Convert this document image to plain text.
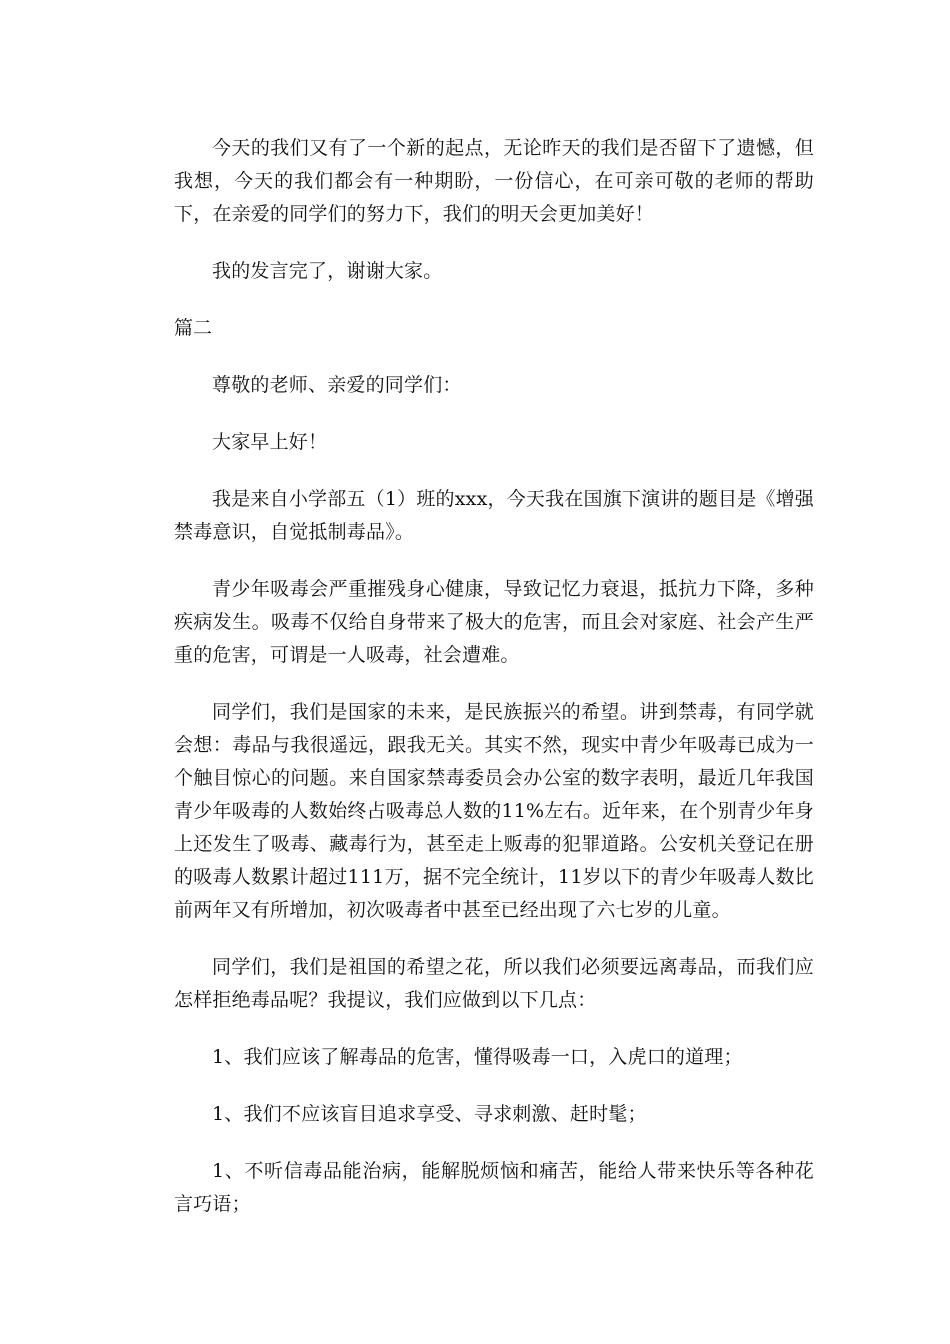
今天的我们又有了一个新的起点，无论昨天的我们是否留下了遗憾，但我想，今天的我们都会有一种期盼，一份信心，在可亲可敬的老师的帮助下，在亲爱的同学们的努力下，我们的明天会更加美好！

我的发言完了，谢谢大家。

篇二

尊敬的老师、亲爱的同学们：

大家早上好！

我是来自小学部五（1）班的xxx，今天我在国旗下演讲的题目是《增强禁毒意识，自觉抵制毒品》。

青少年吸毒会严重摧残身心健康，导致记忆力衰退，抵抗力下降，多种疾病发生。吸毒不仅给自身带来了极大的危害，而且会对家庭、社会产生严重的危害，可谓是一人吸毒，社会遭难。

同学们，我们是国家的未来，是民族振兴的希望。讲到禁毒，有同学就会想：毒品与我很遥远，跟我无关。其实不然，现实中青少年吸毒已成为一个触目惊心的问题。来自国家禁毒委员会办公室的数字表明，最近几年我国青少年吸毒的人数始终占吸毒总人数的11%左右。近年来，在个别青少年身上还发生了吸毒、藏毒行为，甚至走上贩毒的犯罪道路。公安机关登记在册的吸毒人数累计超过111万，据不完全统计，11岁以下的青少年吸毒人数比前两年又有所增加，初次吸毒者中甚至已经出现了六七岁的儿童。

同学们，我们是祖国的希望之花，所以我们必须要远离毒品，而我们应怎样拒绝毒品呢？我提议，我们应做到以下几点：

1、我们应该了解毒品的危害，懂得吸毒一口，入虎口的道理；

1、我们不应该盲目追求享受、寻求刺激、赶时髦；

1、不听信毒品能治病，能解脱烦恼和痛苦，能给人带来快乐等各种花言巧语；
